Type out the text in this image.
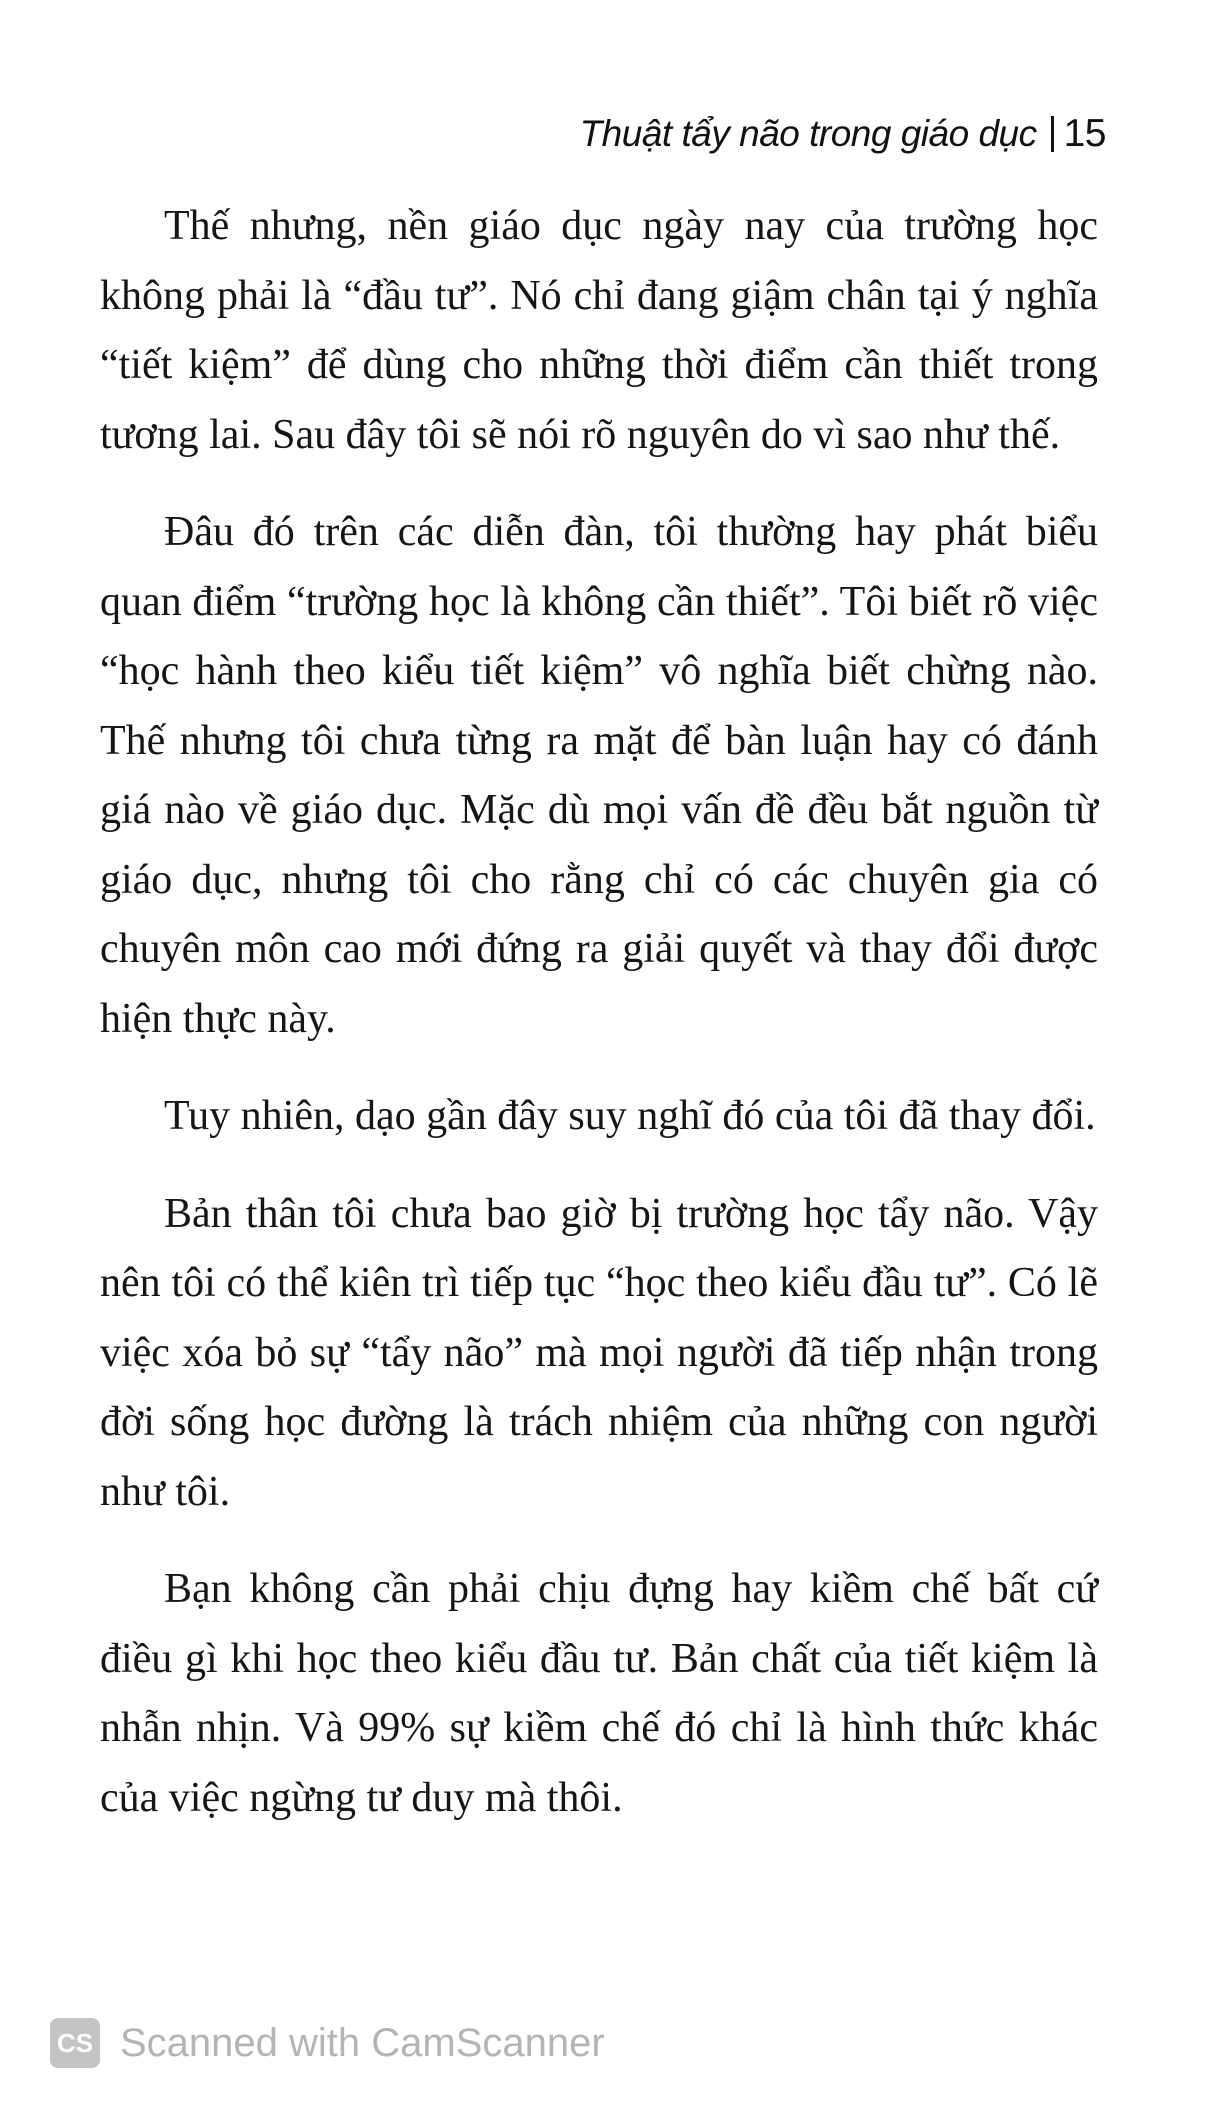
Thuật tẩy não trong giáo dục 15

Thế nhưng, nền giáo dục ngày nay của trường học không phải là “đầu tư”. Nó chỉ đang giậm chân tại ý nghĩa “tiết kiệm” để dùng cho những thời điểm cần thiết trong tương lai. Sau đây tôi sẽ nói rõ nguyên do vì sao như thế.

Đâu đó trên các diễn đàn, tôi thường hay phát biểu quan điểm “trường học là không cần thiết”. Tôi biết rõ việc “học hành theo kiểu tiết kiệm” vô nghĩa biết chừng nào. Thế nhưng tôi chưa từng ra mặt để bàn luận hay có đánh giá nào về giáo dục. Mặc dù mọi vấn đề đều bắt nguồn từ giáo dục, nhưng tôi cho rằng chỉ có các chuyên gia có chuyên môn cao mới đứng ra giải quyết và thay đổi được hiện thực này.

Tuy nhiên, dạo gần đây suy nghĩ đó của tôi đã thay đổi.

Bản thân tôi chưa bao giờ bị trường học tẩy não. Vậy nên tôi có thể kiên trì tiếp tục “học theo kiểu đầu tư”. Có lẽ việc xóa bỏ sự “tẩy não” mà mọi người đã tiếp nhận trong đời sống học đường là trách nhiệm của những con người như tôi.

Bạn không cần phải chịu đựng hay kiềm chế bất cứ điều gì khi học theo kiểu đầu tư. Bản chất của tiết kiệm là nhẫn nhịn. Và 99% sự kiềm chế đó chỉ là hình thức khác của việc ngừng tư duy mà thôi.

CS Scanned with CamScanner
